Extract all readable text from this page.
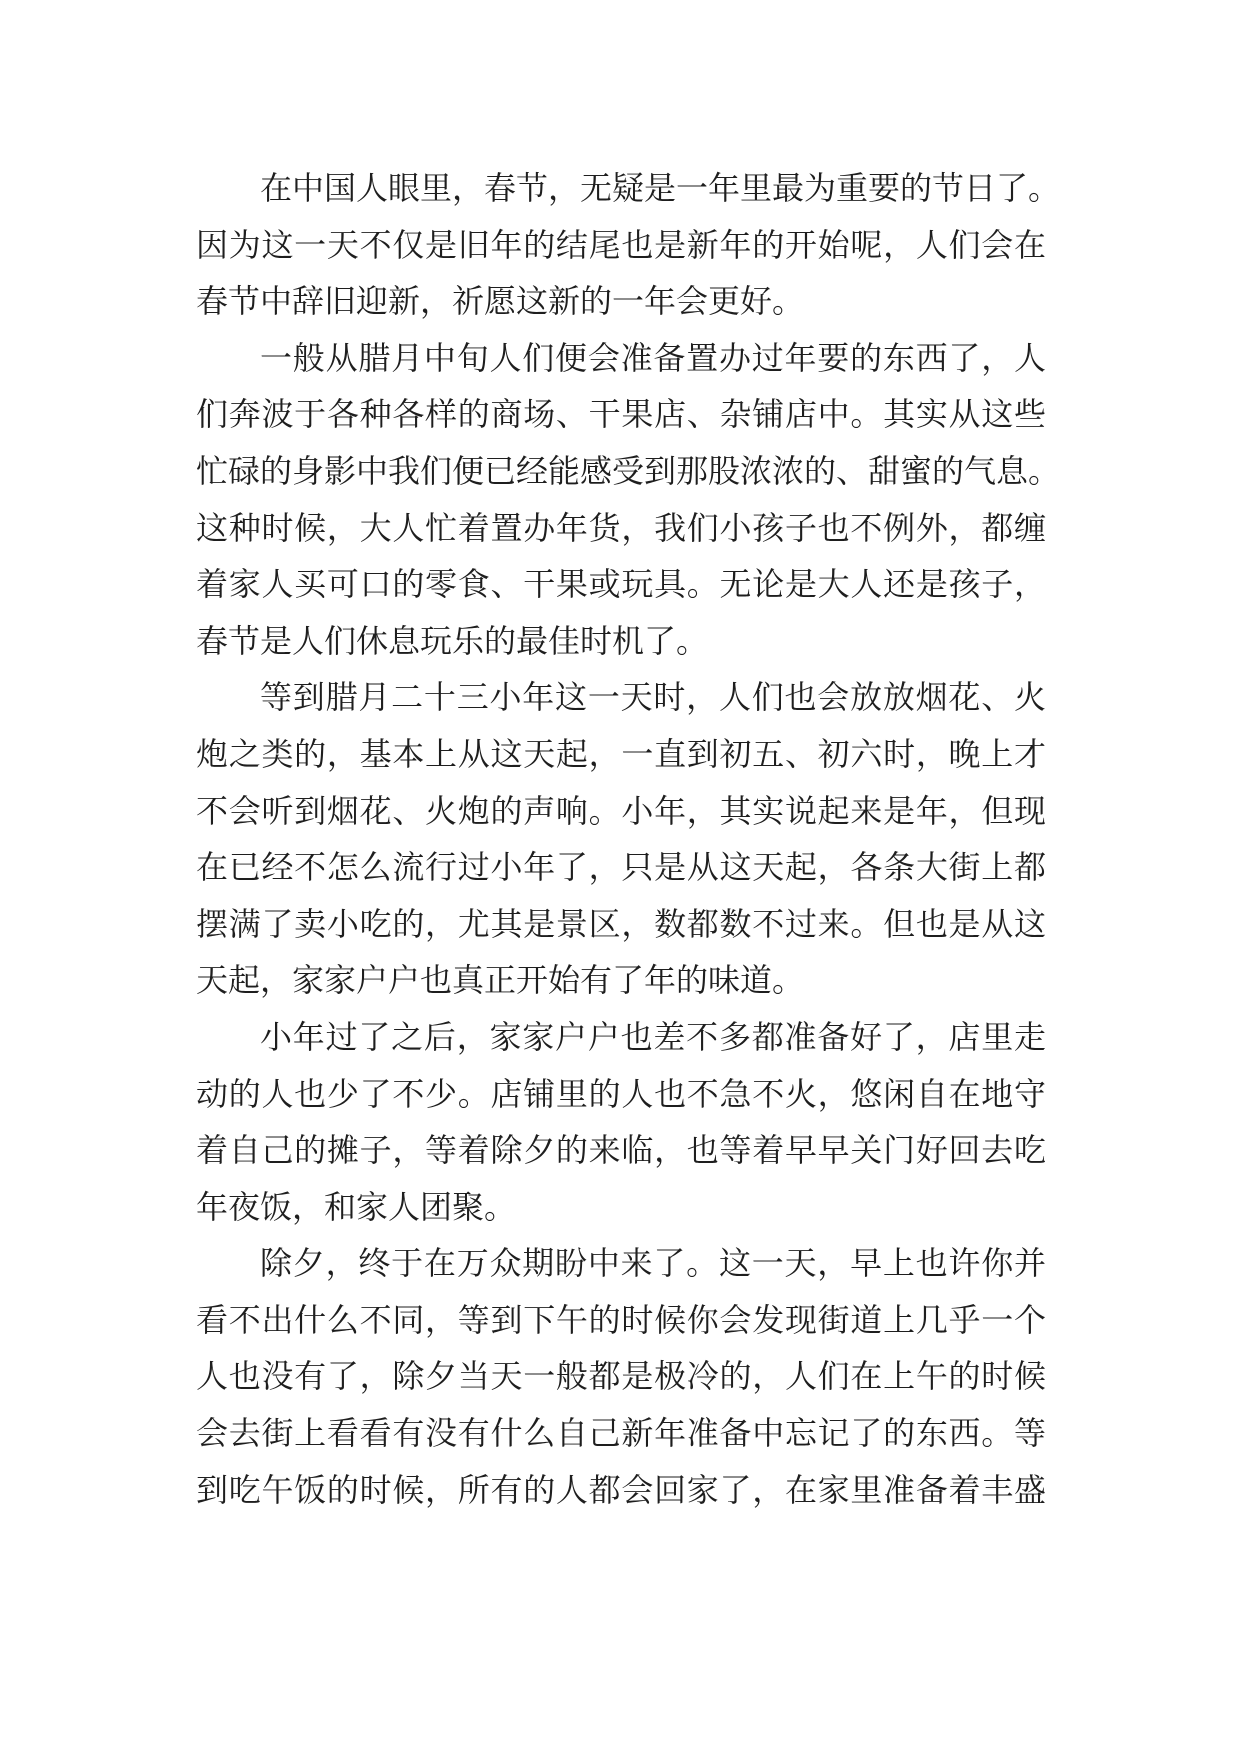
在中国人眼里，春节，无疑是一年里最为重要的节日了。
因为这一天不仅是旧年的结尾也是新年的开始呢，人们会在
春节中辞旧迎新，祈愿这新的一年会更好。
一般从腊月中旬人们便会准备置办过年要的东西了，人
们奔波于各种各样的商场、干果店、杂铺店中。其实从这些
忙碌的身影中我们便已经能感受到那股浓浓的、甜蜜的气息。
这种时候，大人忙着置办年货，我们小孩子也不例外，都缠
着家人买可口的零食、干果或玩具。无论是大人还是孩子，
春节是人们休息玩乐的最佳时机了。
等到腊月二十三小年这一天时，人们也会放放烟花、火
炮之类的，基本上从这天起，一直到初五、初六时，晚上才
不会听到烟花、火炮的声响。小年，其实说起来是年，但现
在已经不怎么流行过小年了，只是从这天起，各条大街上都
摆满了卖小吃的，尤其是景区，数都数不过来。但也是从这
天起，家家户户也真正开始有了年的味道。
小年过了之后，家家户户也差不多都准备好了，店里走
动的人也少了不少。店铺里的人也不急不火，悠闲自在地守
着自己的摊子，等着除夕的来临，也等着早早关门好回去吃
年夜饭，和家人团聚。
除夕，终于在万众期盼中来了。这一天，早上也许你并
看不出什么不同，等到下午的时候你会发现街道上几乎一个
人也没有了，除夕当天一般都是极冷的，人们在上午的时候
会去街上看看有没有什么自己新年准备中忘记了的东西。等
到吃午饭的时候，所有的人都会回家了，在家里准备着丰盛
